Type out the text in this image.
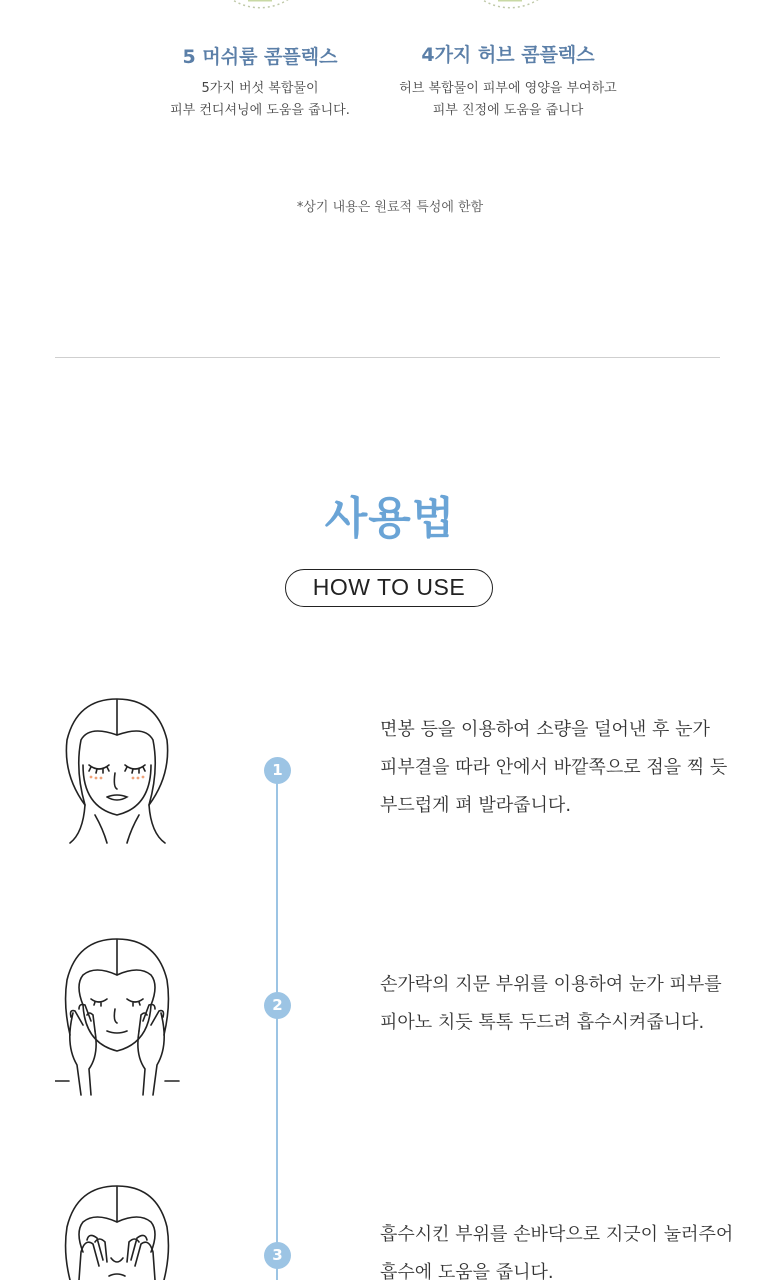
5 머쉬룸 콤플렉스
5가지 버섯 복합물이
피부 컨디셔닝에 도움을 줍니다.
4가지 허브 콤플렉스
허브 복합물이 피부에 영양을 부여하고
피부 진정에 도움을 줍니다
*상기 내용은 원료적 특성에 한함
사용법
HOW TO USE
1
면봉 등을 이용하여 소량을 덜어낸 후 눈가
피부결을 따라 안에서 바깥쪽으로 점을 찍 듯
부드럽게 펴 발라줍니다.
2
손가락의 지문 부위를 이용하여 눈가 피부를
피아노 치듯 톡톡 두드려 흡수시켜줍니다.
3
흡수시킨 부위를 손바닥으로 지긋이 눌러주어
흡수에 도움을 줍니다.
